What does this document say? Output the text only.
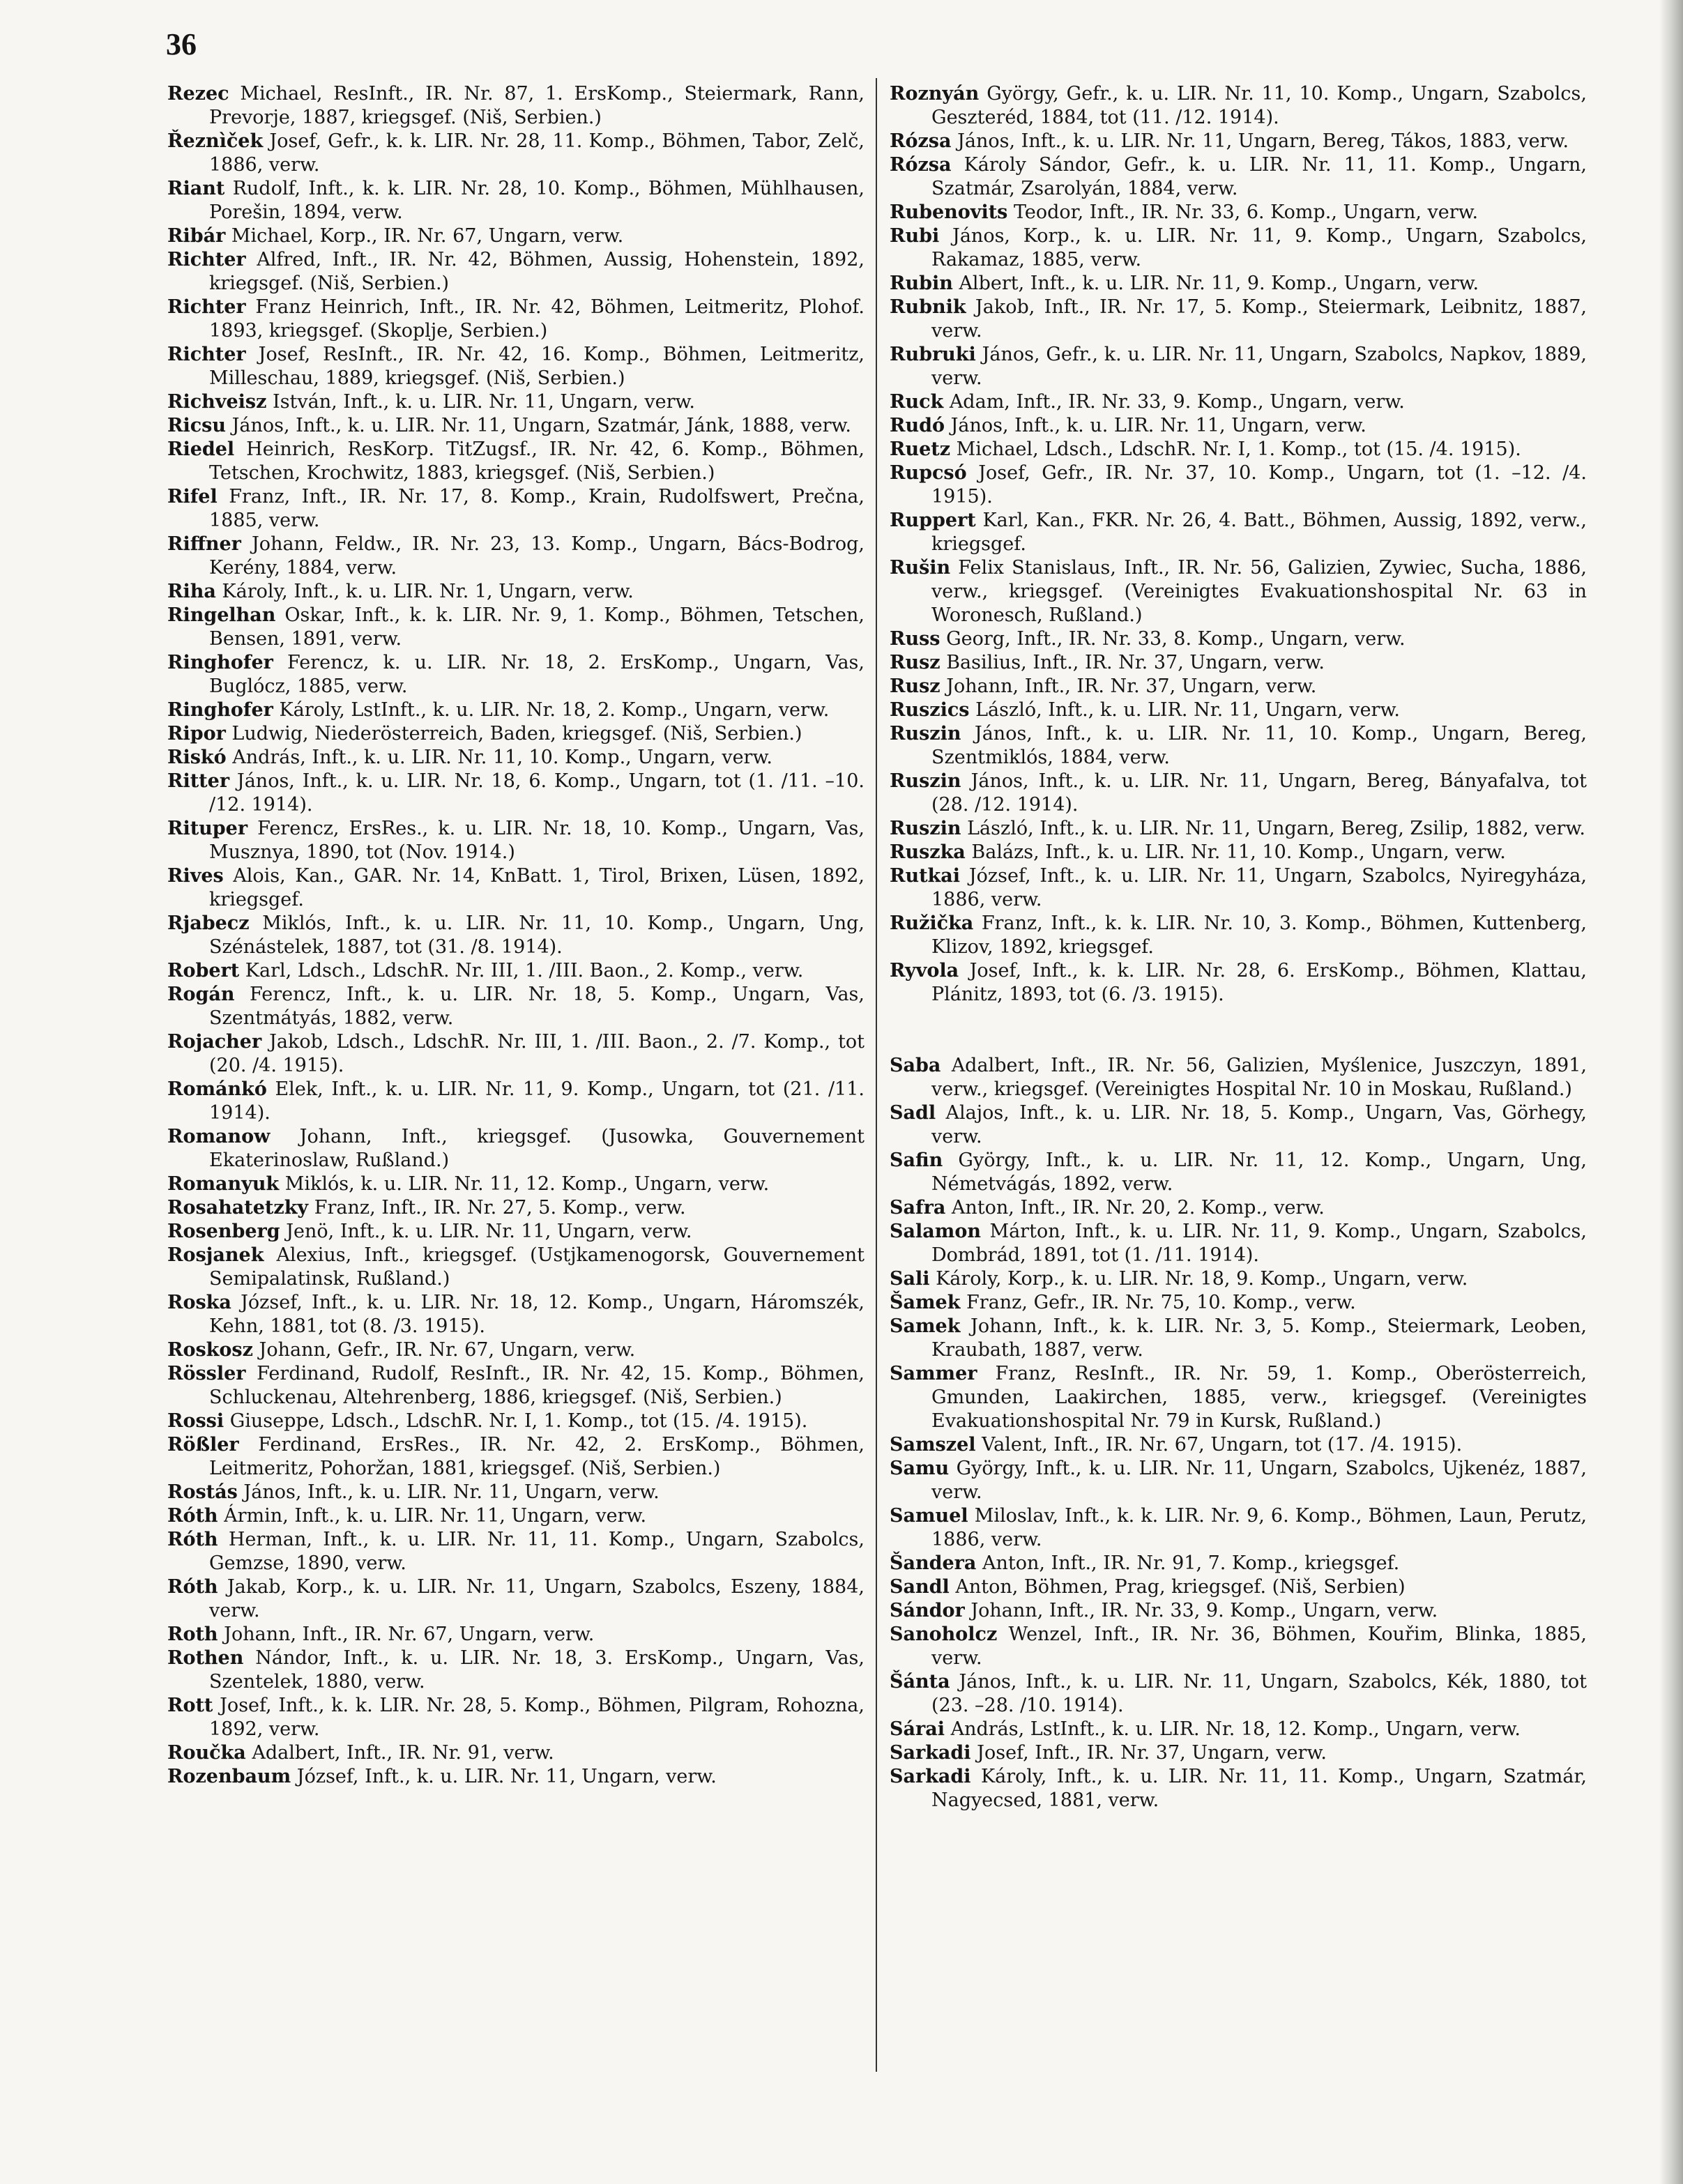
36

Rezec Michael, ResInft., IR. Nr. 87, 1. ErsKomp., Steiermark, Rann, Prevorje, 1887, kriegsgef. (Niš, Serbien.)

Řeznìček Josef, Gefr., k. k. LIR. Nr. 28, 11. Komp., Böhmen, Tabor, Zelč, 1886, verw.

Riant Rudolf, Inft., k. k. LIR. Nr. 28, 10. Komp., Böhmen, Mühlhausen, Porešin, 1894, verw.

Ribár Michael, Korp., IR. Nr. 67, Ungarn, verw.

Richter Alfred, Inft., IR. Nr. 42, Böhmen, Aussig, Hohenstein, 1892, kriegsgef. (Niš, Serbien.)

Richter Franz Heinrich, Inft., IR. Nr. 42, Böhmen, Leitmeritz, Plohof. 1893, kriegsgef. (Skoplje, Serbien.)

Richter Josef, ResInft., IR. Nr. 42, 16. Komp., Böhmen, Leitmeritz, Milleschau, 1889, kriegsgef. (Niš, Serbien.)

Richveisz István, Inft., k. u. LIR. Nr. 11, Ungarn, verw.

Ricsu János, Inft., k. u. LIR. Nr. 11, Ungarn, Szatmár, Jánk, 1888, verw.

Riedel Heinrich, ResKorp. TitZugsf., IR. Nr. 42, 6. Komp., Böhmen, Tetschen, Krochwitz, 1883, kriegsgef. (Niš, Serbien.)

Rifel Franz, Inft., IR. Nr. 17, 8. Komp., Krain, Rudolfswert, Prečna, 1885, verw.

Riffner Johann, Feldw., IR. Nr. 23, 13. Komp., Ungarn, Bács-Bodrog, Kerény, 1884, verw.

Riha Károly, Inft., k. u. LIR. Nr. 1, Ungarn, verw.

Ringelhan Oskar, Inft., k. k. LIR. Nr. 9, 1. Komp., Böhmen, Tetschen, Bensen, 1891, verw.

Ringhofer Ferencz, k. u. LIR. Nr. 18, 2. ErsKomp., Ungarn, Vas, Buglócz, 1885, verw.

Ringhofer Károly, LstInft., k. u. LIR. Nr. 18, 2. Komp., Ungarn, verw.

Ripor Ludwig, Niederösterreich, Baden, kriegsgef. (Niš, Serbien.)

Riskó András, Inft., k. u. LIR. Nr. 11, 10. Komp., Ungarn, verw.

Ritter János, Inft., k. u. LIR. Nr. 18, 6. Komp., Ungarn, tot (1. /11. –10. /12. 1914).

Rituper Ferencz, ErsRes., k. u. LIR. Nr. 18, 10. Komp., Ungarn, Vas, Musznya, 1890, tot (Nov. 1914.)

Rives Alois, Kan., GAR. Nr. 14, KnBatt. 1, Tirol, Brixen, Lüsen, 1892, kriegsgef.

Rjabecz Miklós, Inft., k. u. LIR. Nr. 11, 10. Komp., Ungarn, Ung, Szénástelek, 1887, tot (31. /8. 1914).

Robert Karl, Ldsch., LdschR. Nr. III, 1. /III. Baon., 2. Komp., verw.

Rogán Ferencz, Inft., k. u. LIR. Nr. 18, 5. Komp., Ungarn, Vas, Szentmátyás, 1882, verw.

Rojacher Jakob, Ldsch., LdschR. Nr. III, 1. /III. Baon., 2. /7. Komp., tot (20. /4. 1915).

Románkó Elek, Inft., k. u. LIR. Nr. 11, 9. Komp., Ungarn, tot (21. /11. 1914).

Romanow Johann, Inft., kriegsgef. (Jusowka, Gouvernement Ekaterinoslaw, Rußland.)

Romanyuk Miklós, k. u. LIR. Nr. 11, 12. Komp., Ungarn, verw.

Rosahatetzky Franz, Inft., IR. Nr. 27, 5. Komp., verw.

Rosenberg Jenö, Inft., k. u. LIR. Nr. 11, Ungarn, verw.

Rosjanek Alexius, Inft., kriegsgef. (Ustjkamenogorsk, Gouvernement Semipalatinsk, Rußland.)

Roska József, Inft., k. u. LIR. Nr. 18, 12. Komp., Ungarn, Háromszék, Kehn, 1881, tot (8. /3. 1915).

Roskosz Johann, Gefr., IR. Nr. 67, Ungarn, verw.

Rössler Ferdinand, Rudolf, ResInft., IR. Nr. 42, 15. Komp., Böhmen, Schluckenau, Altehrenberg, 1886, kriegsgef. (Niš, Serbien.)

Rossi Giuseppe, Ldsch., LdschR. Nr. I, 1. Komp., tot (15. /4. 1915).

Rößler Ferdinand, ErsRes., IR. Nr. 42, 2. ErsKomp., Böhmen, Leitmeritz, Pohoržan, 1881, kriegsgef. (Niš, Serbien.)

Rostás János, Inft., k. u. LIR. Nr. 11, Ungarn, verw.

Róth Ármin, Inft., k. u. LIR. Nr. 11, Ungarn, verw.

Róth Herman, Inft., k. u. LIR. Nr. 11, 11. Komp., Ungarn, Szabolcs, Gemzse, 1890, verw.

Róth Jakab, Korp., k. u. LIR. Nr. 11, Ungarn, Szabolcs, Eszeny, 1884, verw.

Roth Johann, Inft., IR. Nr. 67, Ungarn, verw.

Rothen Nándor, Inft., k. u. LIR. Nr. 18, 3. ErsKomp., Ungarn, Vas, Szentelek, 1880, verw.

Rott Josef, Inft., k. k. LIR. Nr. 28, 5. Komp., Böhmen, Pilgram, Rohozna, 1892, verw.

Roučka Adalbert, Inft., IR. Nr. 91, verw.

Rozenbaum József, Inft., k. u. LIR. Nr. 11, Ungarn, verw.

Roznyán György, Gefr., k. u. LIR. Nr. 11, 10. Komp., Ungarn, Szabolcs, Geszteréd, 1884, tot (11. /12. 1914).

Rózsa János, Inft., k. u. LIR. Nr. 11, Ungarn, Bereg, Tákos, 1883, verw.

Rózsa Károly Sándor, Gefr., k. u. LIR. Nr. 11, 11. Komp., Ungarn, Szatmár, Zsarolyán, 1884, verw.

Rubenovits Teodor, Inft., IR. Nr. 33, 6. Komp., Ungarn, verw.

Rubi János, Korp., k. u. LIR. Nr. 11, 9. Komp., Ungarn, Szabolcs, Rakamaz, 1885, verw.

Rubin Albert, Inft., k. u. LIR. Nr. 11, 9. Komp., Ungarn, verw.

Rubnik Jakob, Inft., IR. Nr. 17, 5. Komp., Steiermark, Leibnitz, 1887, verw.

Rubruki János, Gefr., k. u. LIR. Nr. 11, Ungarn, Szabolcs, Napkov, 1889, verw.

Ruck Adam, Inft., IR. Nr. 33, 9. Komp., Ungarn, verw.

Rudó János, Inft., k. u. LIR. Nr. 11, Ungarn, verw.

Ruetz Michael, Ldsch., LdschR. Nr. I, 1. Komp., tot (15. /4. 1915).

Rupcsó Josef, Gefr., IR. Nr. 37, 10. Komp., Ungarn, tot (1. –12. /4. 1915).

Ruppert Karl, Kan., FKR. Nr. 26, 4. Batt., Böhmen, Aussig, 1892, verw., kriegsgef.

Rušin Felix Stanislaus, Inft., IR. Nr. 56, Galizien, Zywiec, Sucha, 1886, verw., kriegsgef. (Vereinigtes Evakuationshospital Nr. 63 in Woronesch, Rußland.)

Russ Georg, Inft., IR. Nr. 33, 8. Komp., Ungarn, verw.

Rusz Basilius, Inft., IR. Nr. 37, Ungarn, verw.

Rusz Johann, Inft., IR. Nr. 37, Ungarn, verw.

Ruszics László, Inft., k. u. LIR. Nr. 11, Ungarn, verw.

Ruszin János, Inft., k. u. LIR. Nr. 11, 10. Komp., Ungarn, Bereg, Szentmiklós, 1884, verw.

Ruszin János, Inft., k. u. LIR. Nr. 11, Ungarn, Bereg, Bányafalva, tot (28. /12. 1914).

Ruszin László, Inft., k. u. LIR. Nr. 11, Ungarn, Bereg, Zsilip, 1882, verw.

Ruszka Balázs, Inft., k. u. LIR. Nr. 11, 10. Komp., Ungarn, verw.

Rutkai József, Inft., k. u. LIR. Nr. 11, Ungarn, Szabolcs, Nyiregyháza, 1886, verw.

Ružička Franz, Inft., k. k. LIR. Nr. 10, 3. Komp., Böhmen, Kuttenberg, Klizov, 1892, kriegsgef.

Ryvola Josef, Inft., k. k. LIR. Nr. 28, 6. ErsKomp., Böhmen, Klattau, Plánitz, 1893, tot (6. /3. 1915).

Saba Adalbert, Inft., IR. Nr. 56, Galizien, Myślenice, Juszczyn, 1891, verw., kriegsgef. (Vereinigtes Hospital Nr. 10 in Moskau, Rußland.)

Sadl Alajos, Inft., k. u. LIR. Nr. 18, 5. Komp., Ungarn, Vas, Görhegy, verw.

Safin György, Inft., k. u. LIR. Nr. 11, 12. Komp., Ungarn, Ung, Németvágás, 1892, verw.

Safra Anton, Inft., IR. Nr. 20, 2. Komp., verw.

Salamon Márton, Inft., k. u. LIR. Nr. 11, 9. Komp., Ungarn, Szabolcs, Dombrád, 1891, tot (1. /11. 1914).

Sali Károly, Korp., k. u. LIR. Nr. 18, 9. Komp., Ungarn, verw.

Šamek Franz, Gefr., IR. Nr. 75, 10. Komp., verw.

Samek Johann, Inft., k. k. LIR. Nr. 3, 5. Komp., Steiermark, Leoben, Kraubath, 1887, verw.

Sammer Franz, ResInft., IR. Nr. 59, 1. Komp., Oberösterreich, Gmunden, Laakirchen, 1885, verw., kriegsgef. (Vereinigtes Evakuationshospital Nr. 79 in Kursk, Rußland.)

Samszel Valent, Inft., IR. Nr. 67, Ungarn, tot (17. /4. 1915).

Samu György, Inft., k. u. LIR. Nr. 11, Ungarn, Szabolcs, Ujkenéz, 1887, verw.

Samuel Miloslav, Inft., k. k. LIR. Nr. 9, 6. Komp., Böhmen, Laun, Perutz, 1886, verw.

Šandera Anton, Inft., IR. Nr. 91, 7. Komp., kriegsgef.

Sandl Anton, Böhmen, Prag, kriegsgef. (Niš, Serbien)

Sándor Johann, Inft., IR. Nr. 33, 9. Komp., Ungarn, verw.

Sanoholcz Wenzel, Inft., IR. Nr. 36, Böhmen, Kouřim, Blinka, 1885, verw.

Šánta János, Inft., k. u. LIR. Nr. 11, Ungarn, Szabolcs, Kék, 1880, tot (23. –28. /10. 1914).

Sárai András, LstInft., k. u. LIR. Nr. 18, 12. Komp., Ungarn, verw.

Sarkadi Josef, Inft., IR. Nr. 37, Ungarn, verw.

Sarkadi Károly, Inft., k. u. LIR. Nr. 11, 11. Komp., Ungarn, Szatmár, Nagyecsed, 1881, verw.
